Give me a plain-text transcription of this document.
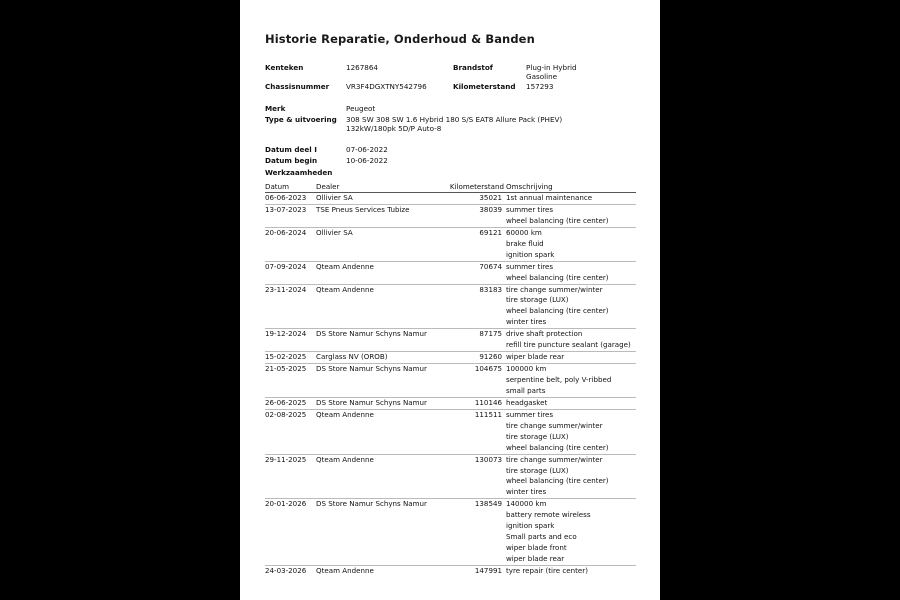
Historie Reparatie, Onderhoud & Banden
Kenteken	1267864	Brandstof	Plug-in Hybrid
Gasoline
Chassisnummer VR3F4DGXTNY542796	Kilometerstand 157293
Merk	Peugeot
Type & uitvoering 308 SW 308 SW 1.6 Hybrid 180 S/S EAT8 Allure Pack (PHEV)
132kW/180pk 5D/P Auto-8
Datum deel I	07-06-2022
Datum begin	10-06-2022
Werkzaamheden
Datum	Dealer	Kilometerstand Omschrijving
06-06-2023	Ollivier SA	35021 1st annual maintenance
13-07-2023	TSE Pneus Services Tubize	38039 summer tires
wheel balancing (tire center)
20-06-2024	Ollivier SA	69121 60000 km
brake fluid
ignition spark
07-09-2024	Qteam Andenne	70674 summer tires
wheel balancing (tire center)
23-11-2024	Qteam Andenne	83183 tire change summer/winter
tire storage (LUX)
wheel balancing (tire center)
winter tires
19-12-2024	DS Store Namur Schyns Namur	87175 drive shaft protection
refill tire puncture sealant (garage)
15-02-2025	Carglass NV (OROB)	91260 wiper blade rear
21-05-2025	DS Store Namur Schyns Namur	104675 100000 km
serpentine belt, poly V-ribbed
small parts
26-06-2025	DS Store Namur Schyns Namur	110146 headgasket
02-08-2025	Qteam Andenne	111511 summer tires
tire change summer/winter
tire storage (LUX)
wheel balancing (tire center)
29-11-2025	Qteam Andenne	130073 tire change summer/winter
tire storage (LUX)
wheel balancing (tire center)
winter tires
20-01-2026	DS Store Namur Schyns Namur	138549 140000 km
battery remote wireless
ignition spark
Small parts and eco
wiper blade front
wiper blade rear
24-03-2026	Qteam Andenne	147991 tyre repair (tire center)
